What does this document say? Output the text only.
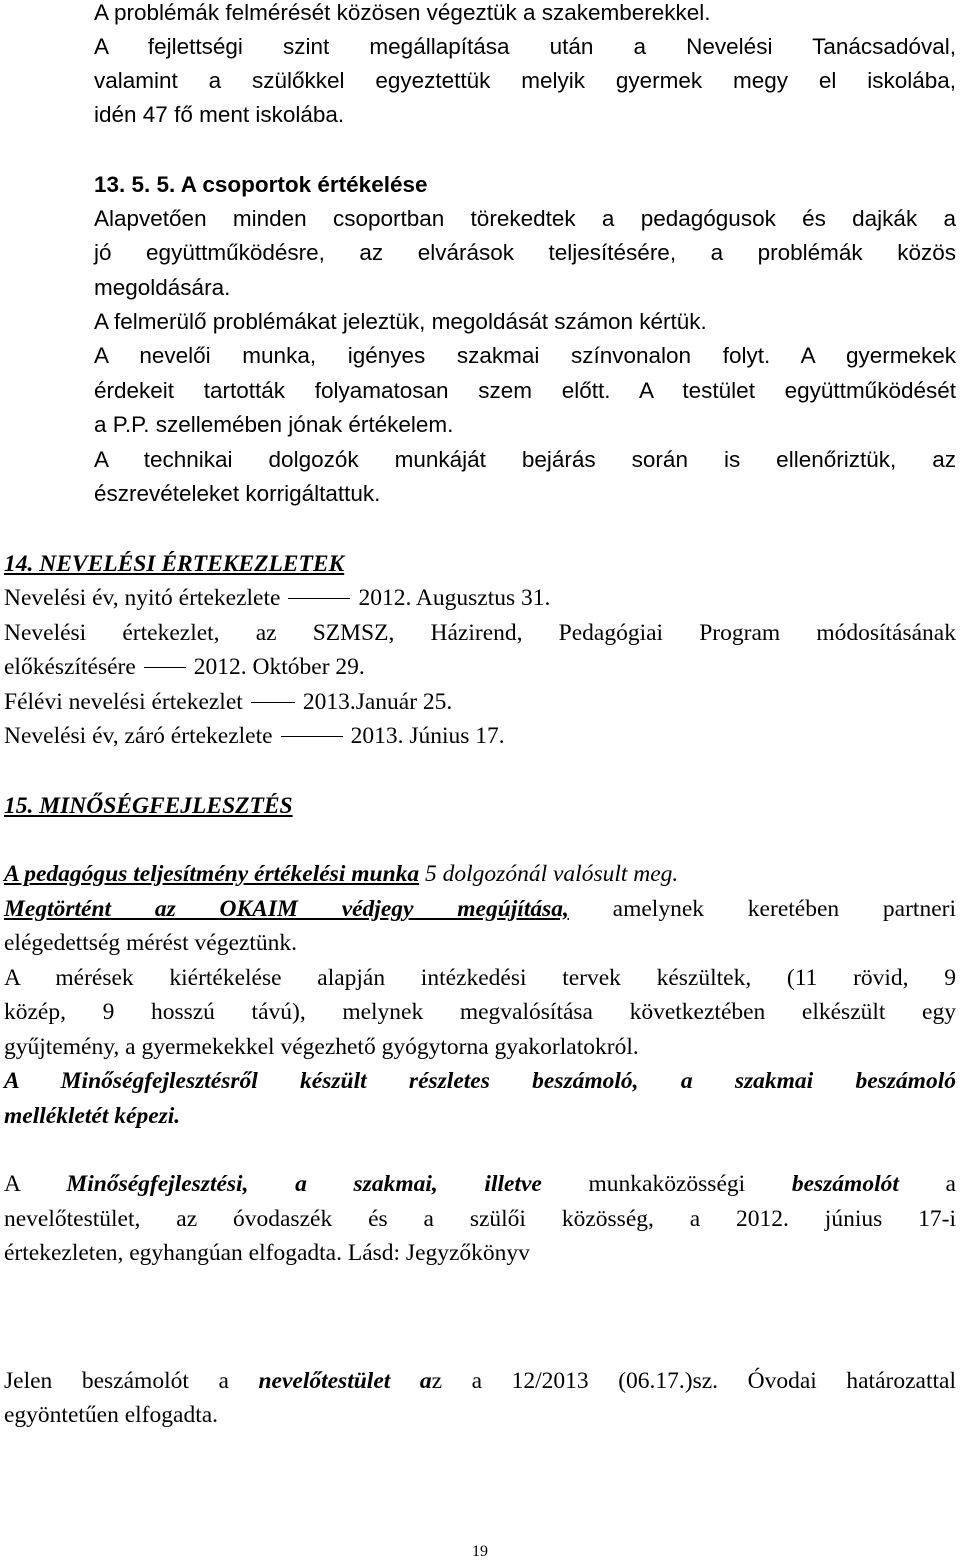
A problémák felmérését közösen végeztük a szakemberekkel.
A fejlettségi szint megállapítása után a Nevelési Tanácsadóval,
valamint a szülőkkel egyeztettük melyik gyermek megy el iskolába,
idén 47 fő ment iskolába.
13. 5. 5. A csoportok értékelése
Alapvetően minden csoportban törekedtek a pedagógusok és dajkák a
jó együttműködésre, az elvárások teljesítésére, a problémák közös
megoldására.
A felmerülő problémákat jeleztük, megoldását számon kértük.
A nevelői munka, igényes szakmai színvonalon folyt. A gyermekek
érdekeit tartották folyamatosan szem előtt. A testület együttműködését
a P.P. szellemében jónak értékelem.
A technikai dolgozók munkáját bejárás során is ellenőriztük, az
észrevételeket korrigáltattuk.
14. NEVELÉSI ÉRTEKEZLETEK
Nevelési év, nyitó értekezlete	2012. Augusztus 31.
Nevelési értekezlet, az SZMSZ, Házirend, Pedagógiai Program módosításának
előkészítésére 2012. Október 29.
Félévi nevelési értekezlet	2013.Január 25.
Nevelési év, záró értekezlete	2013. Június 17.
15. MINŐSÉGFEJLESZTÉS
A pedagógus teljesítmény értékelési munka 5 dolgozónál valósult meg.
Megtörtént az OKAIM védjegy megújítása, amelynek keretében partneri
elégedettség mérést végeztünk.
A mérések kiértékelése alapján intézkedési tervek készültek, (11 rövid, 9
közép, 9 hosszú távú), melynek megvalósítása következtében elkészült egy
gyűjtemény, a gyermekekkel végezhető gyógytorna gyakorlatokról.
A Minőségfejlesztésről készült részletes beszámoló, a szakmai beszámoló
mellékletét képezi.
A Minőségfejlesztési, a szakmai, illetve munkaközösségi beszámolót a
nevelőtestület, az óvodaszék és a szülői közösség, a 2012. június 17-i
értekezleten, egyhangúan elfogadta. Lásd: Jegyzőkönyv
Jelen beszámolót a nevelőtestület az a 12/2013 (06.17.)sz. Óvodai határozattal
egyöntetűen elfogadta.
19
